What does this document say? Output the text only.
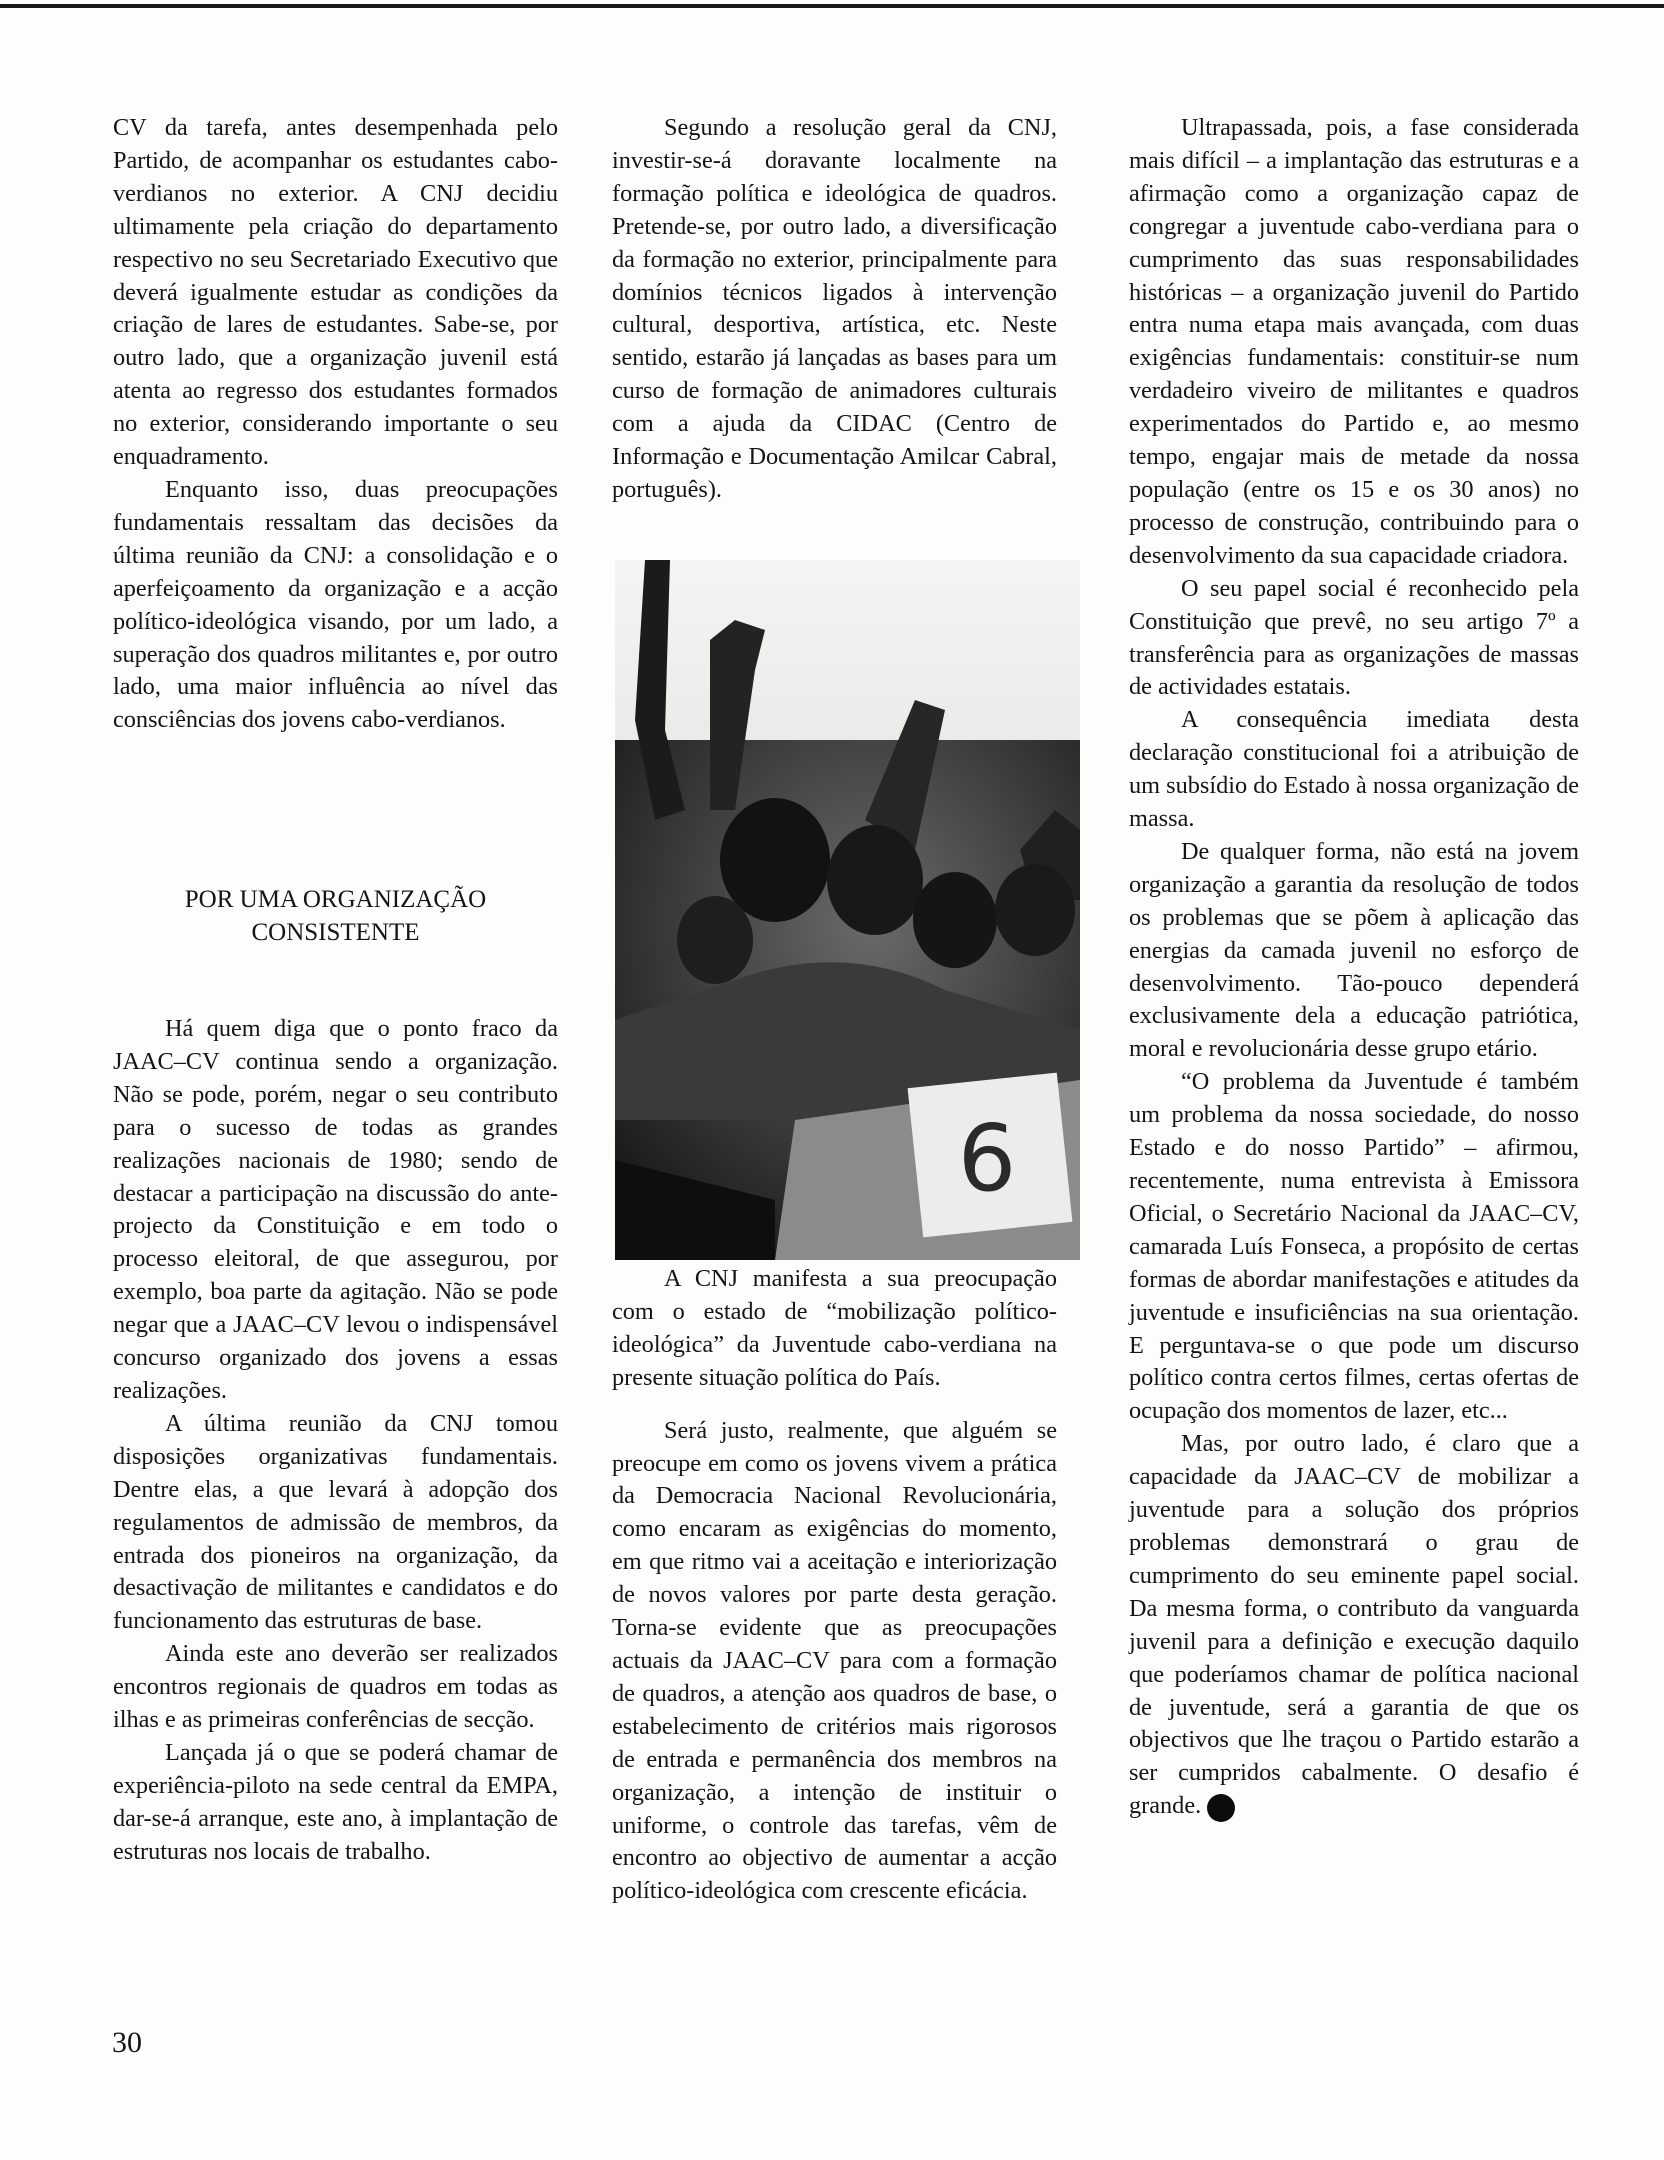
CV da tarefa, antes desempenhada pelo Partido, de acompanhar os estudantes cabo-verdianos no exterior. A CNJ decidiu ultimamente pela criação do departamento respectivo no seu Secretariado Executivo que deverá igualmente estudar as condições da criação de lares de estudantes. Sabe-se, por outro lado, que a organização juvenil está atenta ao regresso dos estudantes formados no exterior, considerando importante o seu enquadramento.

Enquanto isso, duas preocupações fundamentais ressaltam das decisões da última reunião da CNJ: a consolidação e o aperfeiçoamento da organização e a acção político-ideológica visando, por um lado, a superação dos quadros militantes e, por outro lado, uma maior influência ao nível das consciências dos jovens cabo-verdianos.

POR UMA ORGANIZAÇÃO
CONSISTENTE

Há quem diga que o ponto fraco da JAAC–CV continua sendo a organização. Não se pode, porém, negar o seu contributo para o sucesso de todas as grandes realizações nacionais de 1980; sendo de destacar a participação na discussão do ante-projecto da Constituição e em todo o processo eleitoral, de que assegurou, por exemplo, boa parte da agitação. Não se pode negar que a JAAC–CV levou o indispensável concurso organizado dos jovens a essas realizações.

A última reunião da CNJ tomou disposições organizativas fundamentais. Dentre elas, a que levará à adopção dos regulamentos de admissão de membros, da entrada dos pioneiros na organização, da desactivação de militantes e candidatos e do funcionamento das estruturas de base.

Ainda este ano deverão ser realizados encontros regionais de quadros em todas as ilhas e as primeiras conferências de secção.

Lançada já o que se poderá chamar de experiência-piloto na sede central da EMPA, dar-se-á arranque, este ano, à implantação de estruturas nos locais de trabalho.

Segundo a resolução geral da CNJ, investir-se-á doravante localmente na formação política e ideológica de quadros. Pretende-se, por outro lado, a diversificação da formação no exterior, principalmente para domínios técnicos ligados à intervenção cultural, desportiva, artística, etc. Neste sentido, estarão já lançadas as bases para um curso de formação de animadores culturais com a ajuda da CIDAC (Centro de Informação e Documentação Amilcar Cabral, português).

6

A CNJ manifesta a sua preocupação com o estado de “mobilização político-ideológica” da Juventude cabo-verdiana na presente situação política do País.

Será justo, realmente, que alguém se preocupe em como os jovens vivem a prática da Democracia Nacional Revolucionária, como encaram as exigências do momento, em que ritmo vai a aceitação e interiorização de novos valores por parte desta geração. Torna-se evidente que as preocupações actuais da JAAC–CV para com a formação de quadros, a atenção aos quadros de base, o estabelecimento de critérios mais rigorosos de entrada e permanência dos membros na organização, a intenção de instituir o uniforme, o controle das tarefas, vêm de encontro ao objectivo de aumentar a acção político-ideológica com crescente eficácia.

Ultrapassada, pois, a fase considerada mais difícil – a implantação das estruturas e a afirmação como a organização capaz de congregar a juventude cabo-verdiana para o cumprimento das suas responsabilidades históricas – a organização juvenil do Partido entra numa etapa mais avançada, com duas exigências fundamentais: constituir-se num verdadeiro viveiro de militantes e quadros experimentados do Partido e, ao mesmo tempo, engajar mais de metade da nossa população (entre os 15 e os 30 anos) no processo de construção, contribuindo para o desenvolvimento da sua capacidade criadora.

O seu papel social é reconhecido pela Constituição que prevê, no seu artigo 7º a transferência para as organizações de massas de actividades estatais.

A consequência imediata desta declaração constitucional foi a atribuição de um subsídio do Estado à nossa organização de massa.

De qualquer forma, não está na jovem organização a garantia da resolução de todos os problemas que se põem à aplicação das energias da camada juvenil no esforço de desenvolvimento. Tão-pouco dependerá exclusivamente dela a educação patriótica, moral e revolucionária desse grupo etário.

“O problema da Juventude é também um problema da nossa sociedade, do nosso Estado e do nosso Partido” – afirmou, recentemente, numa entrevista à Emissora Oficial, o Secretário Nacional da JAAC–CV, camarada Luís Fonseca, a propósito de certas formas de abordar manifestações e atitudes da juventude e insuficiências na sua orientação. E perguntava-se o que pode um discurso político contra certos filmes, certas ofertas de ocupação dos momentos de lazer, etc...

Mas, por outro lado, é claro que a capacidade da JAAC–CV de mobilizar a juventude para a solução dos próprios problemas demonstrará o grau de cumprimento do seu eminente papel social. Da mesma forma, o contributo da vanguarda juvenil para a definição e execução daquilo que poderíamos chamar de política nacional de juventude, será a garantia de que os objectivos que lhe traçou o Partido estarão a ser cumpridos cabalmente. O desafio é grande.

30
